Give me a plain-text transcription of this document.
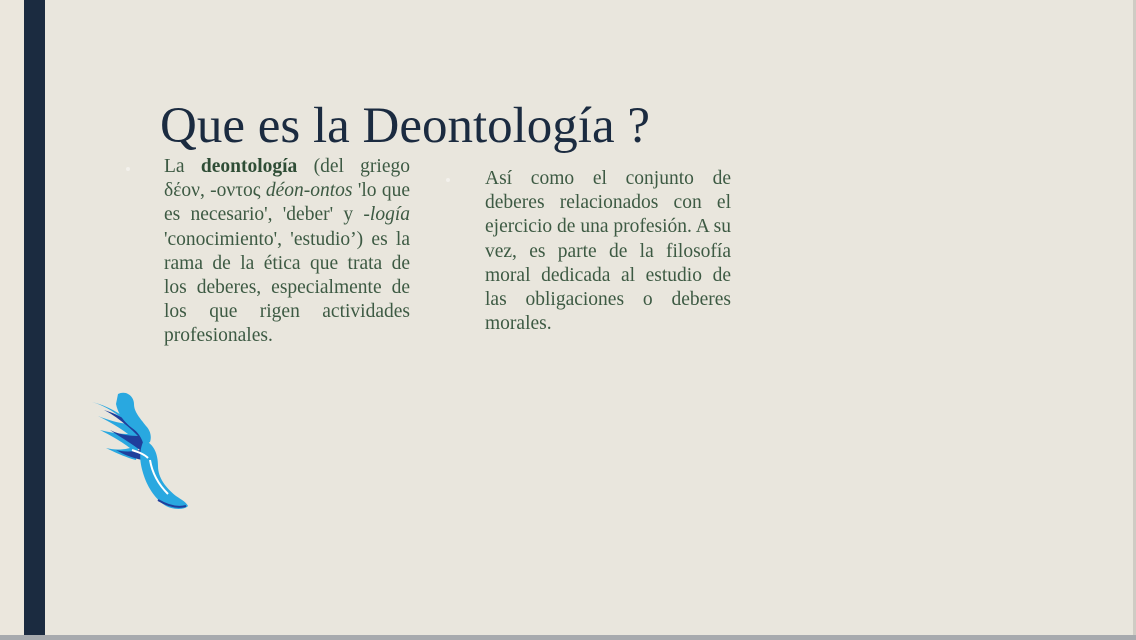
Que es la Deontología ?

La deontología (del griego δέον, -οντος déon-ontos 'lo que es necesario', 'deber' y -logía 'conocimiento', 'estudio’) es la rama de la ética que trata de los deberes, especialmente de los que rigen actividades profesionales.

Así como el conjunto de deberes relacionados con el ejercicio de una profesión. A su vez, es parte de la filosofía moral dedicada al estudio de las obligaciones o deberes morales.
